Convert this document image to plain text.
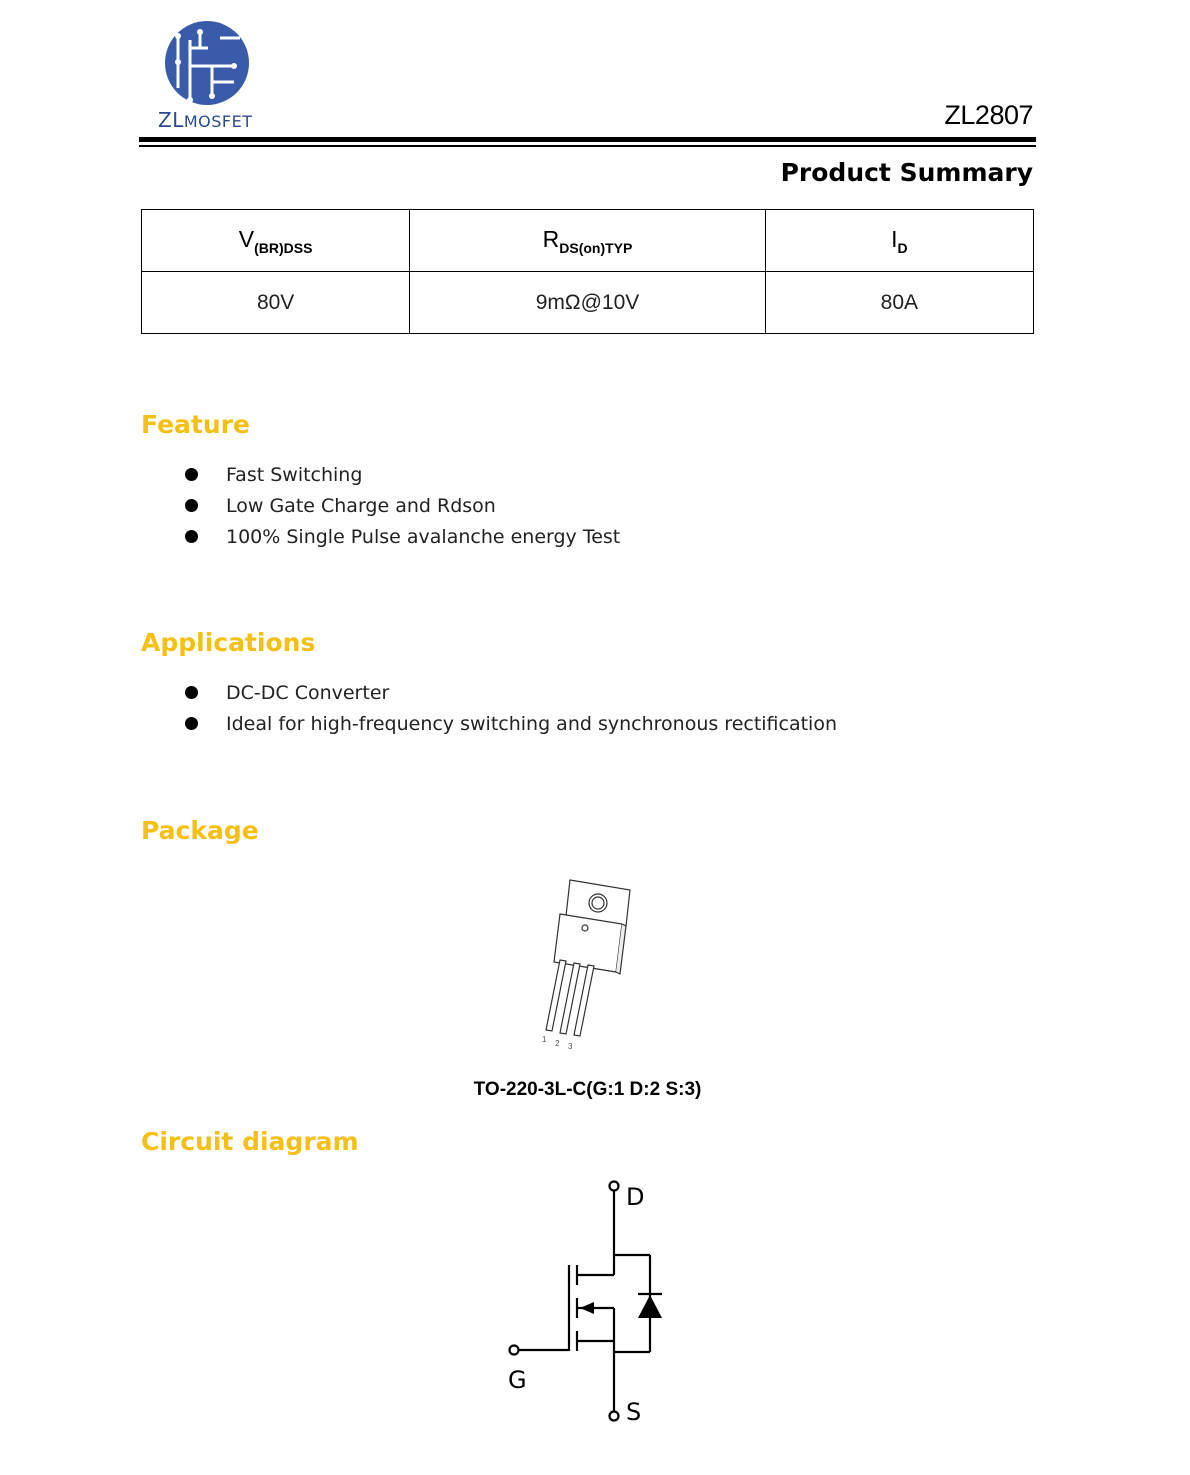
ZLMOSFET	ZL2807
Product Summary
$V_{(BR)DSS}$	$R_{DS(on)TYP}$	$I_D$
80V	9mΩ@10V	80A
Feature
Fast Switching
Low Gate Charge and Rdson
100% Single Pulse avalanche energy Test
Applications
DC-DC Converter
Ideal for high-frequency switching and synchronous rectification
Package
1 2 3
TO-220-3L-C(G:1 D:2 S:3)
Circuit diagram
D
G
S
